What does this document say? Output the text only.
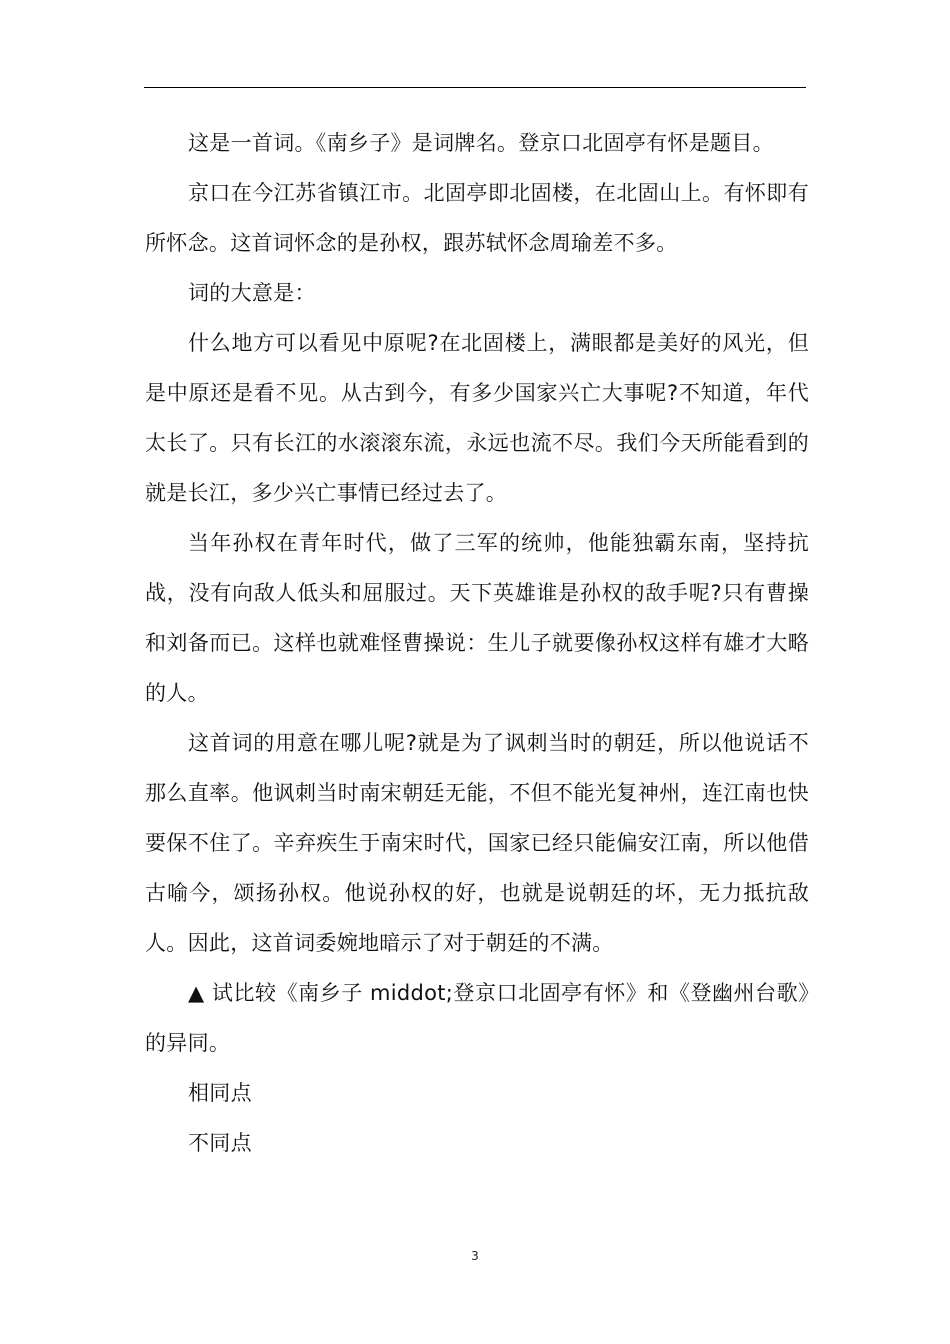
这是一首词。《南乡子》是词牌名。登京口北固亭有怀是题目。

京口在今江苏省镇江市。北固亭即北固楼，在北固山上。有怀即有所怀念。这首词怀念的是孙权，跟苏轼怀念周瑜差不多。

词的大意是：

什么地方可以看见中原呢?在北固楼上，满眼都是美好的风光，但是中原还是看不见。从古到今，有多少国家兴亡大事呢?不知道，年代太长了。只有长江的水滚滚东流，永远也流不尽。我们今天所能看到的就是长江，多少兴亡事情已经过去了。

当年孙权在青年时代，做了三军的统帅，他能独霸东南，坚持抗战，没有向敌人低头和屈服过。天下英雄谁是孙权的敌手呢?只有曹操和刘备而已。这样也就难怪曹操说：生儿子就要像孙权这样有雄才大略的人。

这首词的用意在哪儿呢?就是为了讽刺当时的朝廷，所以他说话不那么直率。他讽刺当时南宋朝廷无能，不但不能光复神州，连江南也快要保不住了。辛弃疾生于南宋时代，国家已经只能偏安江南，所以他借古喻今，颂扬孙权。他说孙权的好，也就是说朝廷的坏，无力抵抗敌人。因此，这首词委婉地暗示了对于朝廷的不满。

▲ 试比较《南乡子 middot;登京口北固亭有怀》和《登幽州台歌》的异同。

相同点

不同点

3
